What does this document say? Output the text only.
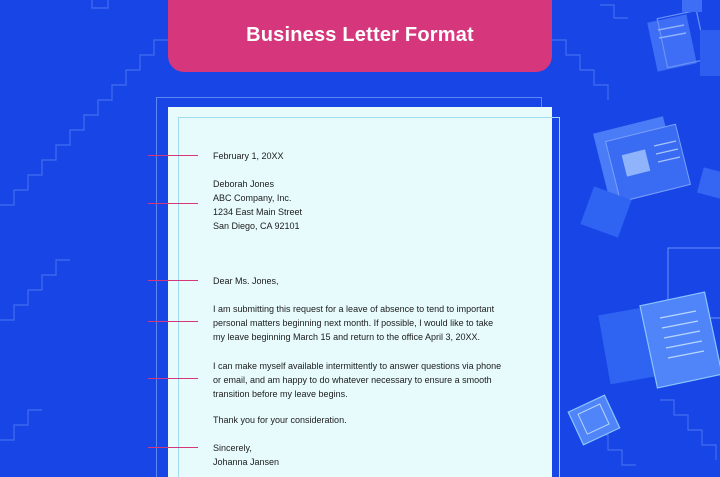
Business Letter Format

February 1, 20XX
Deborah Jones
ABC Company, Inc.
1234 East Main Street
San Diego, CA 92101
Dear Ms. Jones,
I am submitting this request for a leave of absence to tend to important
personal matters beginning next month. If possible, I would like to take
my leave beginning March 15 and return to the office April 3, 20XX.
I can make myself available intermittently to answer questions via phone
or email, and am happy to do whatever necessary to ensure a smooth
transition before my leave begins.
Thank you for your consideration.
Sincerely,
Johanna Jansen
